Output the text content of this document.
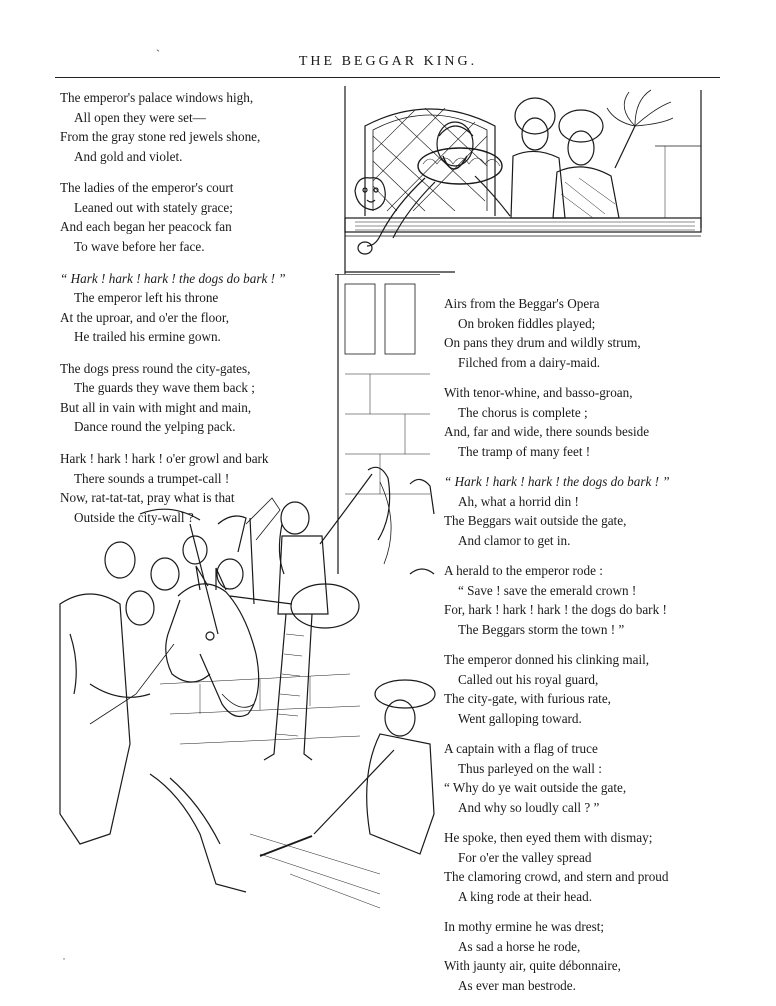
THE BEGGAR KING.
ˏ
˙
The emperor's palace windows high,
All open they were set—
From the gray stone red jewels shone,
And gold and violet.
The ladies of the emperor's court
Leaned out with stately grace;
And each began her peacock fan
To wave before her face.
“ Hark ! hark ! hark ! the dogs do bark ! ”
The emperor left his throne
At the uproar, and o'er the floor,
He trailed his ermine gown.
The dogs press round the city-gates,
The guards they wave them back ;
But all in vain with might and main,
Dance round the yelping pack.
Hark ! hark ! hark ! o'er growl and bark
There sounds a trumpet-call !
Now, rat-tat-tat, pray what is that
Outside the city-wall ?
Airs from the Beggar's Opera
On broken fiddles played;
On pans they drum and wildly strum,
Filched from a dairy-maid.
With tenor-whine, and basso-groan,
The chorus is complete ;
And, far and wide, there sounds beside
The tramp of many feet !
“ Hark ! hark ! hark ! the dogs do bark ! ”
Ah, what a horrid din !
The Beggars wait outside the gate,
And clamor to get in.
A herald to the emperor rode :
“ Save ! save the emerald crown !
For, hark ! hark ! hark ! the dogs do bark !
The Beggars storm the town ! ”
The emperor donned his clinking mail,
Called out his royal guard,
The city-gate, with furious rate,
Went galloping toward.
A captain with a flag of truce
Thus parleyed on the wall :
“ Why do ye wait outside the gate,
And why so loudly call ? ”
He spoke, then eyed them with dismay;
For o'er the valley spread
The clamoring crowd, and stern and proud
A king rode at their head.
In mothy ermine he was drest;
As sad a horse he rode,
With jaunty air, quite débonnaire,
As ever man bestrode.
